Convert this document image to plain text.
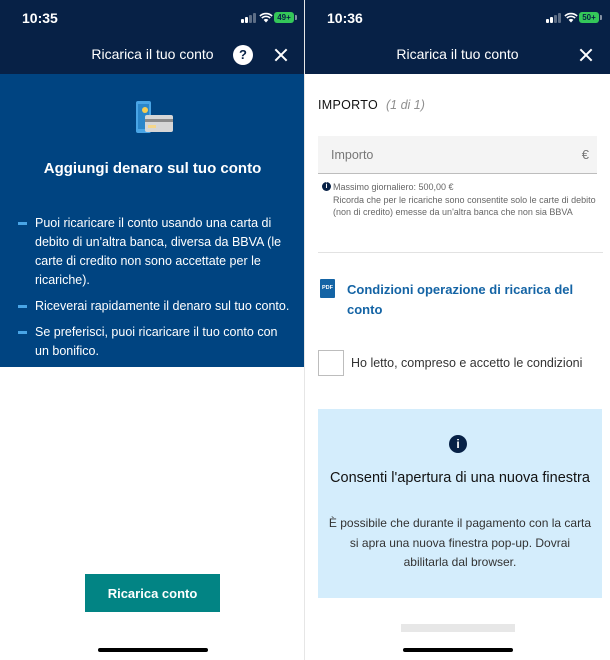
10:35	49+
Ricarica il tuo conto	?
Aggiungi denaro sul tuo conto
Puoi ricaricare il conto usando una carta di debito di un'altra banca, diversa da BBVA (le carte di credito non sono accettate per le ricariche).
Riceverai rapidamente il denaro sul tuo conto.
Se preferisci, puoi ricaricare il tuo conto con un bonifico.
Ricarica conto
10:36	50+
Ricarica il tuo conto
IMPORTO (1 di 1)
Importo
€
i Massimo giornaliero: 500,00 €
Ricorda che per le ricariche sono consentite solo le carte di debito (non di credito) emesse da un'altra banca che non sia BBVA
PDF Condizioni operazione di ricarica del conto
Ho letto, compreso e accetto le condizioni
i
Consenti l'apertura di una nuova finestra
È possibile che durante il pagamento con la carta si apra una nuova finestra pop-up. Dovrai abilitarla dal browser.
